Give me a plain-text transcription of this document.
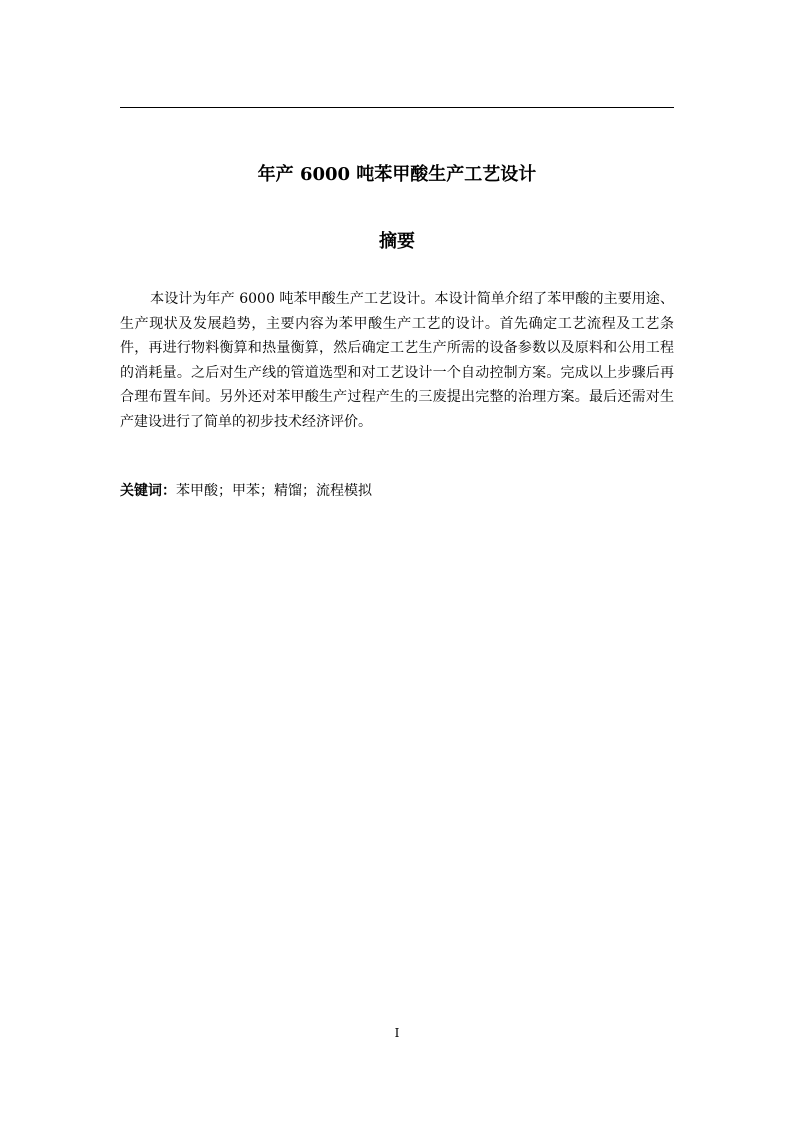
年产 6000 吨苯甲酸生产工艺设计
摘要

本设计为年产 6000 吨苯甲酸生产工艺设计。本设计简单介绍了苯甲酸的主要用途、生产现状及发展趋势，主要内容为苯甲酸生产工艺的设计。首先确定工艺流程及工艺条件，再进行物料衡算和热量衡算，然后确定工艺生产所需的设备参数以及原料和公用工程的消耗量。之后对生产线的管道选型和对工艺设计一个自动控制方案。完成以上步骤后再合理布置车间。另外还对苯甲酸生产过程产生的三废提出完整的治理方案。最后还需对生产建设进行了简单的初步技术经济评价。

关键词：苯甲酸；甲苯；精馏；流程模拟
I
